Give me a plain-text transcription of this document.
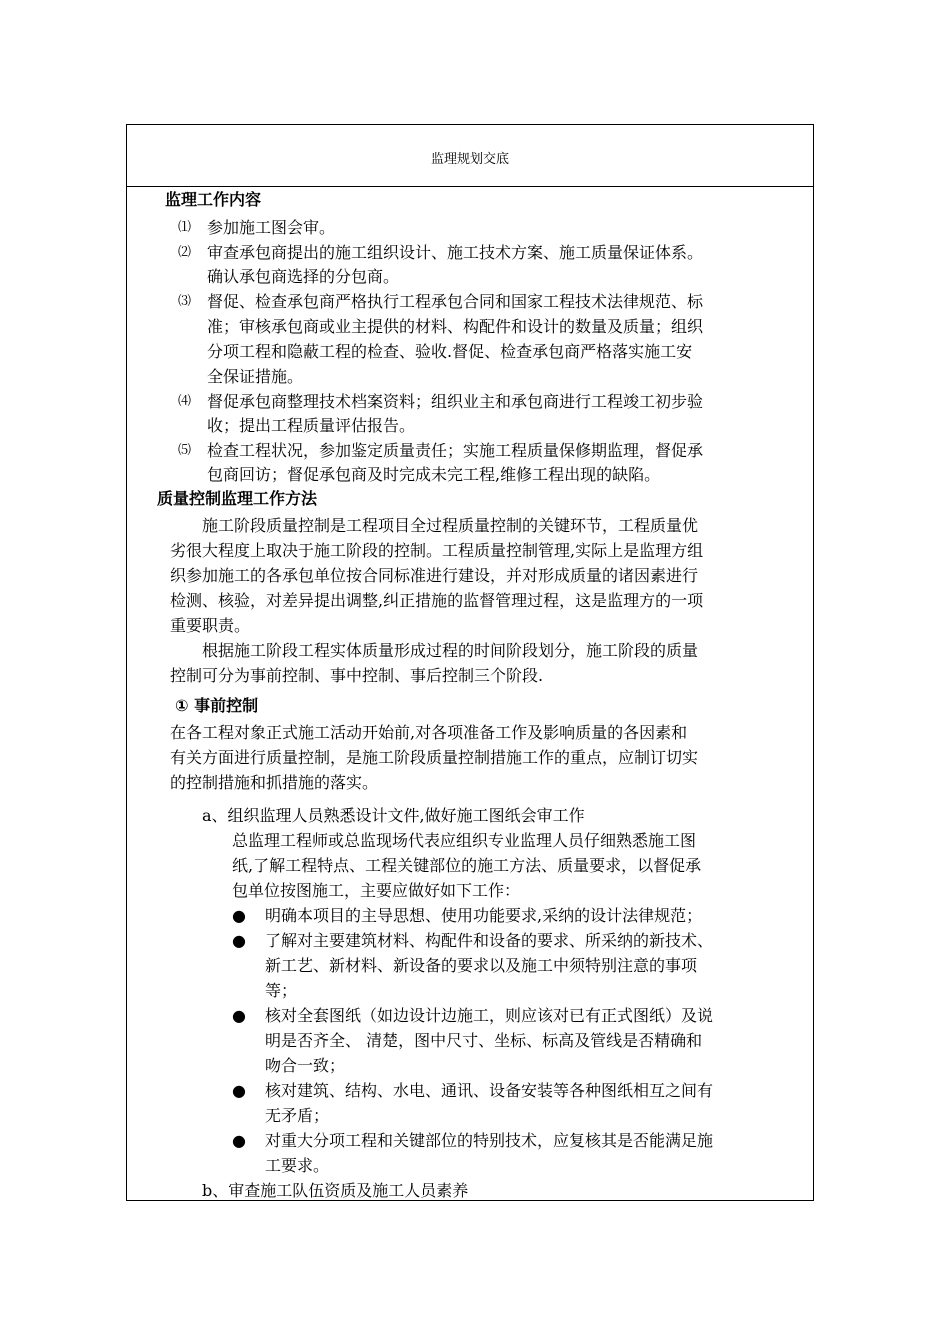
监理规划交底
监理工作内容
⑴ 参加施工图会审。
⑵ 审查承包商提出的施工组织设计、施工技术方案、施工质量保证体系。
确认承包商选择的分包商。
⑶ 督促、检查承包商严格执行工程承包合同和国家工程技术法律规范、标
准；审核承包商或业主提供的材料、构配件和设计的数量及质量；组织
分项工程和隐蔽工程的检查、验收.督促、检查承包商严格落实施工安
全保证措施。
⑷ 督促承包商整理技术档案资料；组织业主和承包商进行工程竣工初步验
收；提出工程质量评估报告。
⑸ 检查工程状况，参加鉴定质量责任；实施工程质量保修期监理，督促承
包商回访；督促承包商及时完成未完工程,维修工程出现的缺陷。
质量控制监理工作方法
施工阶段质量控制是工程项目全过程质量控制的关键环节，工程质量优
劣很大程度上取决于施工阶段的控制。工程质量控制管理,实际上是监理方组
织参加施工的各承包单位按合同标准进行建设，并对形成质量的诸因素进行
检测、核验，对差异提出调整,纠正措施的监督管理过程，这是监理方的一项
重要职责。
根据施工阶段工程实体质量形成过程的时间阶段划分，施工阶段的质量
控制可分为事前控制、事中控制、事后控制三个阶段.
① 事前控制
在各工程对象正式施工活动开始前,对各项准备工作及影响质量的各因素和
有关方面进行质量控制，是施工阶段质量控制措施工作的重点，应制订切实
的控制措施和抓措施的落实。
a、组织监理人员熟悉设计文件,做好施工图纸会审工作
总监理工程师或总监现场代表应组织专业监理人员仔细熟悉施工图
纸,了解工程特点、工程关键部位的施工方法、质量要求，以督促承
包单位按图施工，主要应做好如下工作：
● 明确本项目的主导思想、使用功能要求,采纳的设计法律规范；
● 了解对主要建筑材料、构配件和设备的要求、所采纳的新技术、
新工艺、新材料、新设备的要求以及施工中须特别注意的事项
等；
● 核对全套图纸（如边设计边施工，则应该对已有正式图纸）及说
明是否齐全、 清楚，图中尺寸、坐标、标高及管线是否精确和
吻合一致；
● 核对建筑、结构、水电、通讯、设备安装等各种图纸相互之间有
无矛盾；
● 对重大分项工程和关键部位的特别技术，应复核其是否能满足施
工要求。
b、审查施工队伍资质及施工人员素养
